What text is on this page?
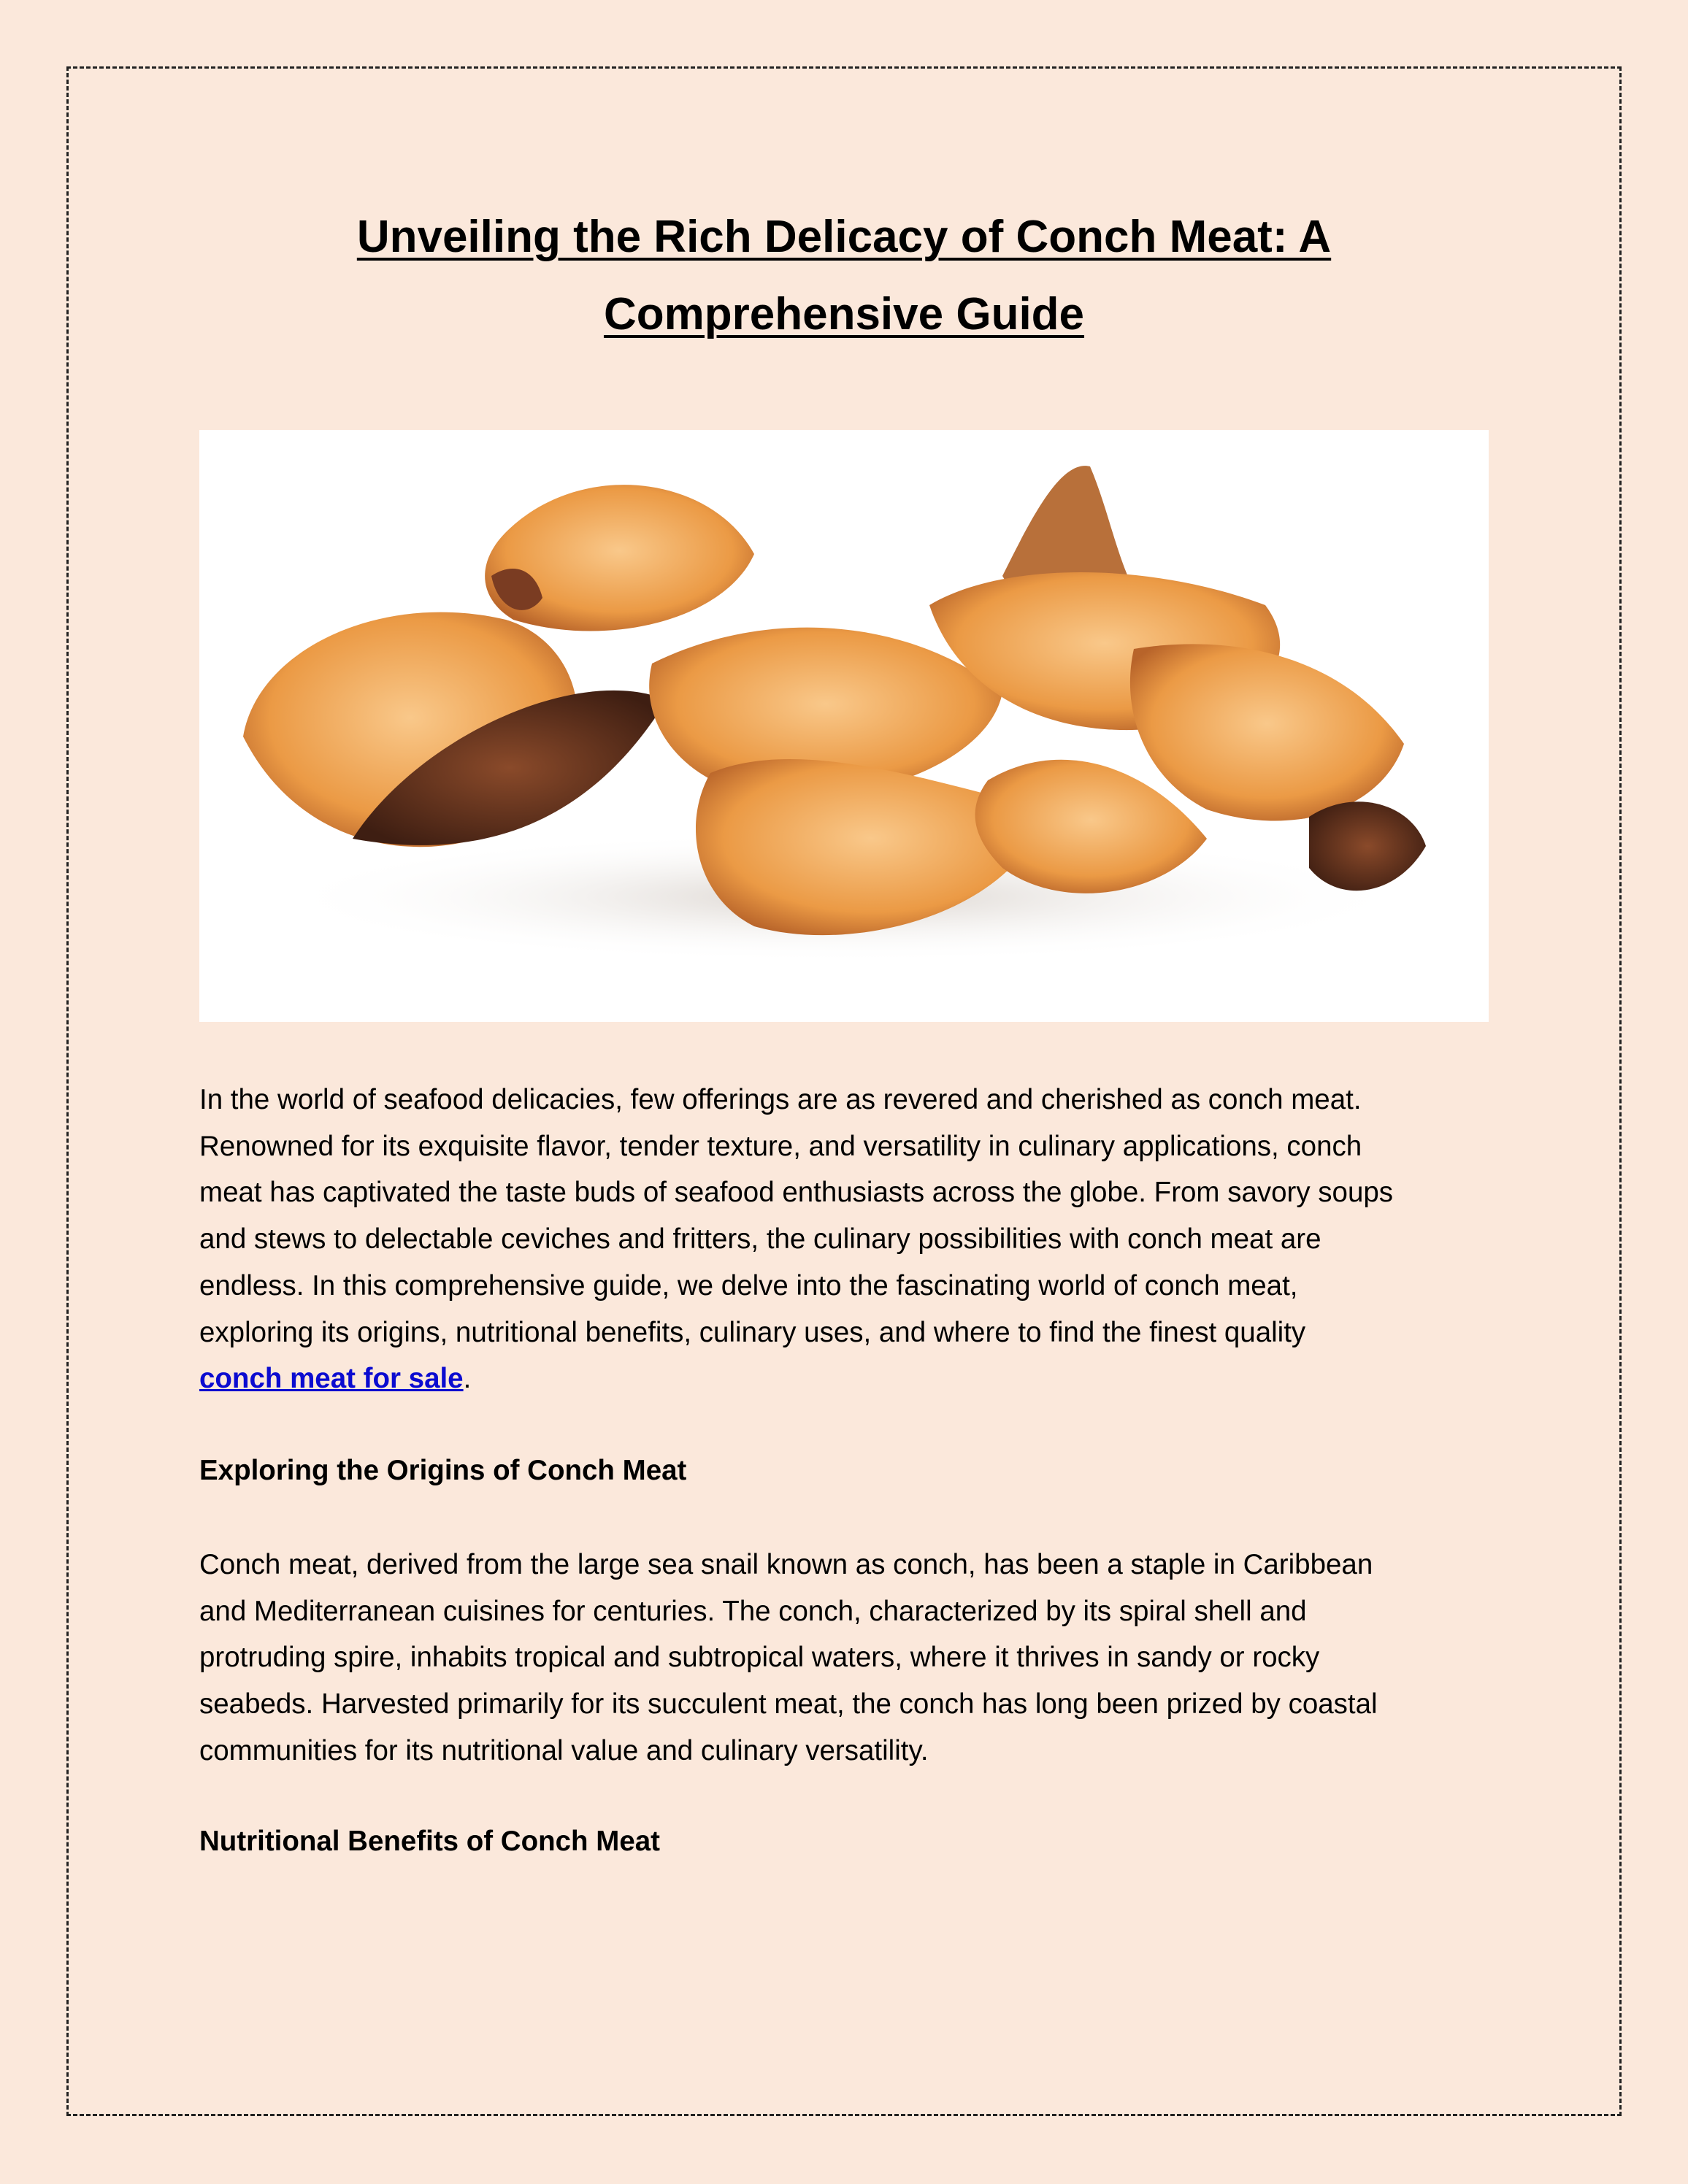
Unveiling the Rich Delicacy of Conch Meat: A
Comprehensive Guide
In the world of seafood delicacies, few offerings are as revered and cherished as conch meat.
Renowned for its exquisite flavor, tender texture, and versatility in culinary applications, conch
meat has captivated the taste buds of seafood enthusiasts across the globe. From savory soups
and stews to delectable ceviches and fritters, the culinary possibilities with conch meat are
endless. In this comprehensive guide, we delve into the fascinating world of conch meat,
exploring its origins, nutritional benefits, culinary uses, and where to find the finest quality
conch meat for sale.
Exploring the Origins of Conch Meat
Conch meat, derived from the large sea snail known as conch, has been a staple in Caribbean
and Mediterranean cuisines for centuries. The conch, characterized by its spiral shell and
protruding spire, inhabits tropical and subtropical waters, where it thrives in sandy or rocky
seabeds. Harvested primarily for its succulent meat, the conch has long been prized by coastal
communities for its nutritional value and culinary versatility.
Nutritional Benefits of Conch Meat
